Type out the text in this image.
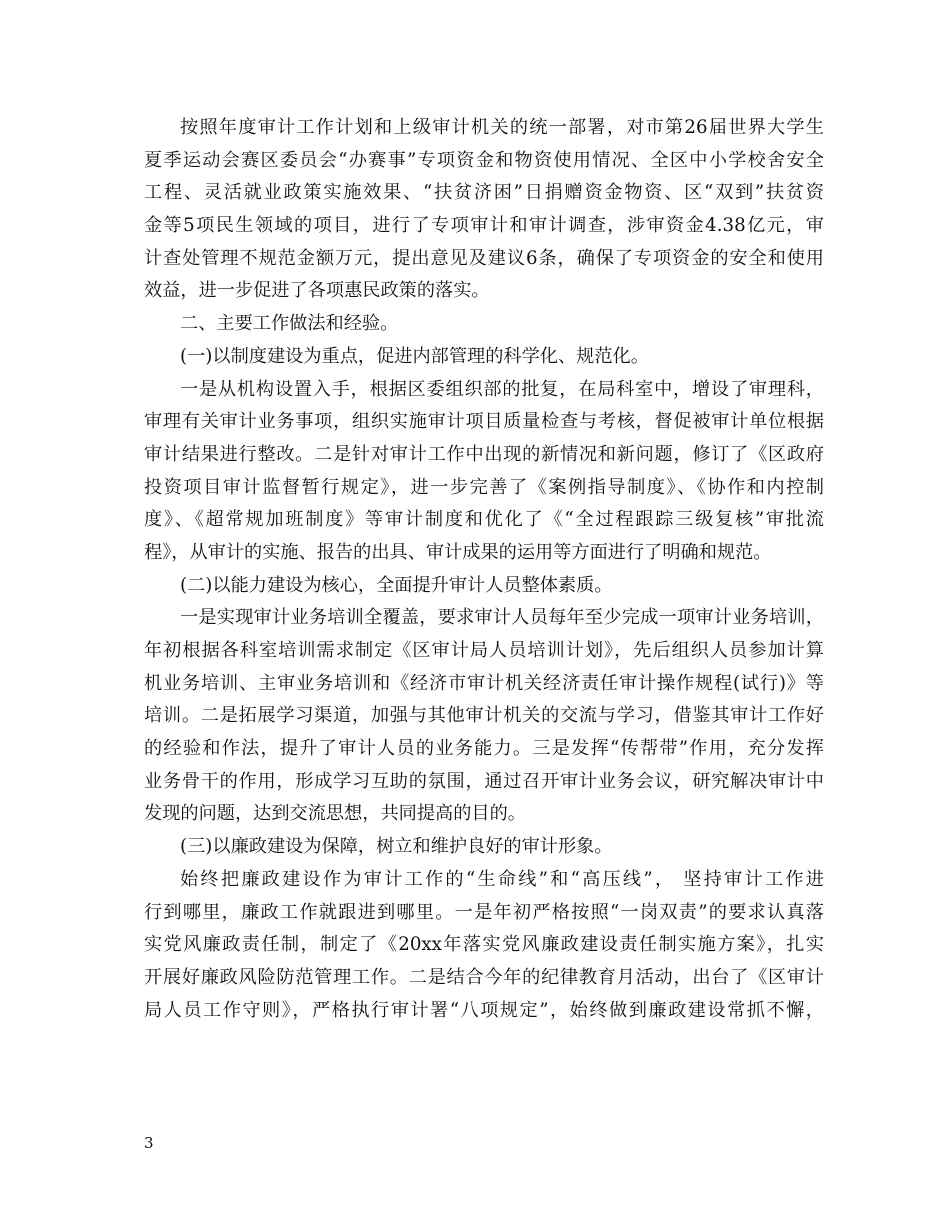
按照年度审计工作计划和上级审计机关的统一部署，对市第26届世界大学生
夏季运动会赛区委员会“办赛事”专项资金和物资使用情况、全区中小学校舍安全
工程、灵活就业政策实施效果、“扶贫济困”日捐赠资金物资、区“双到”扶贫资
金等5项民生领域的项目，进行了专项审计和审计调查，涉审资金4.38亿元，审
计查处管理不规范金额万元，提出意见及建议6条，确保了专项资金的安全和使用
效益，进一步促进了各项惠民政策的落实。
二、主要工作做法和经验。
(一)以制度建设为重点，促进内部管理的科学化、规范化。
一是从机构设置入手，根据区委组织部的批复，在局科室中，增设了审理科，
审理有关审计业务事项，组织实施审计项目质量检查与考核，督促被审计单位根据
审计结果进行整改。二是针对审计工作中出现的新情况和新问题，修订了《区政府
投资项目审计监督暂行规定》，进一步完善了《案例指导制度》、《协作和内控制
度》、《超常规加班制度》等审计制度和优化了《“全过程跟踪三级复核”审批流
程》，从审计的实施、报告的出具、审计成果的运用等方面进行了明确和规范。
(二)以能力建设为核心，全面提升审计人员整体素质。
一是实现审计业务培训全覆盖，要求审计人员每年至少完成一项审计业务培训，
年初根据各科室培训需求制定《区审计局人员培训计划》，先后组织人员参加计算
机业务培训、主审业务培训和《经济市审计机关经济责任审计操作规程(试行)》等
培训。二是拓展学习渠道，加强与其他审计机关的交流与学习，借鉴其审计工作好
的经验和作法，提升了审计人员的业务能力。三是发挥“传帮带”作用，充分发挥
业务骨干的作用，形成学习互助的氛围，通过召开审计业务会议，研究解决审计中
发现的问题，达到交流思想，共同提高的目的。
(三)以廉政建设为保障，树立和维护良好的审计形象。
始终把廉政建设作为审计工作的“生命线”和“高压线”， 坚持审计工作进
行到哪里，廉政工作就跟进到哪里。一是年初严格按照“一岗双责”的要求认真落
实党风廉政责任制，制定了《20xx年落实党风廉政建设责任制实施方案》，扎实
开展好廉政风险防范管理工作。二是结合今年的纪律教育月活动，出台了《区审计
局人员工作守则》，严格执行审计署“八项规定”，始终做到廉政建设常抓不懈，
3
